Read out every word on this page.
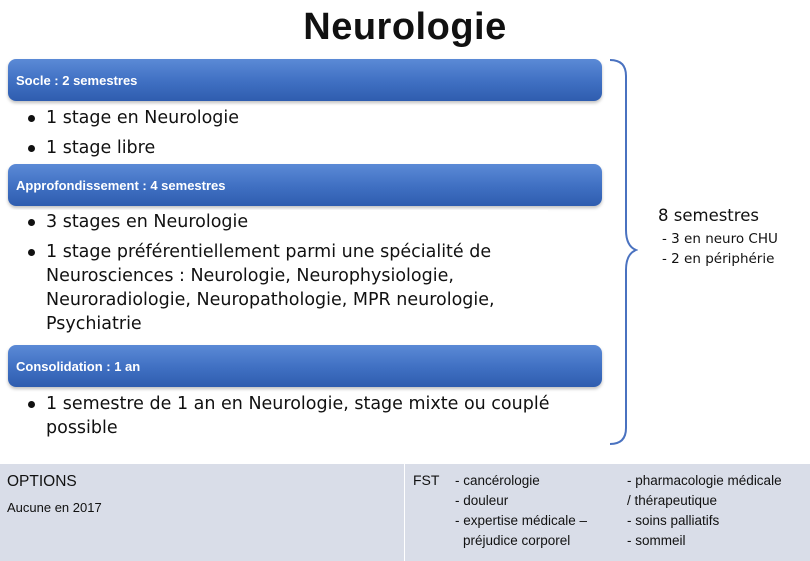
Neurologie
Socle : 2 semestres
1 stage en Neurologie
1 stage libre
Approfondissement : 4 semestres
3 stages en Neurologie
1 stage préférentiellement parmi une spécialité de Neurosciences : Neurologie, Neurophysiologie, Neuroradiologie, Neuropathologie, MPR neurologie, Psychiatrie
Consolidation : 1 an
1 semestre de 1 an en Neurologie, stage mixte ou couplé possible
8 semestres
- 3 en neuro CHU
- 2 en périphérie
OPTIONS
Aucune en 2017
FST - cancérologie
- douleur
- expertise médicale –
préjudice corporel
- pharmacologie médicale
/ thérapeutique
- soins palliatifs
- sommeil
